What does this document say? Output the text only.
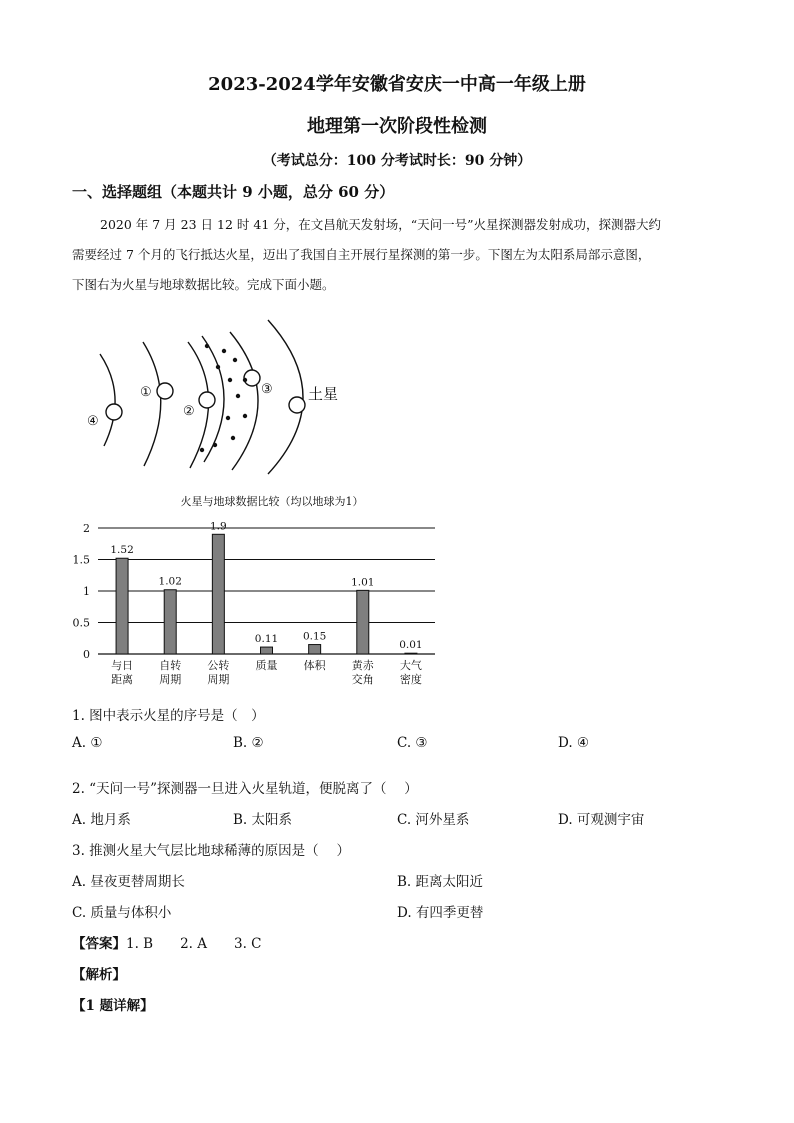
2023-2024学年安徽省安庆一中高一年级上册
地理第一次阶段性检测
（考试总分：100 分考试时长：90 分钟）
一、选择题组（本题共计 9 小题，总分 60 分）
2020 年 7 月 23 日 12 时 41 分，在文昌航天发射场，“天问一号”火星探测器发射成功，探测器大约
需要经过 7 个月的飞行抵达火星，迈出了我国自主开展行星探测的第一步。下图左为太阳系局部示意图，
下图右为火星与地球数据比较。完成下面小题。
④
①
②
③ 土星
火星与地球数据比较（均以地球为1）
0
0.5
1
1.5
2
1.52
与日
距离
1.02
自转
周期
1.9
公转
周期
0.11
质量
0.15
体积
1.01
黄赤
交角
0.01
大气
密度
1. 图中表示火星的序号是（　）
A. ①	B. ②	C. ③	D. ④
2. “天问一号”探测器一旦进入火星轨道，便脱离了（　 ）
A. 地月系	B. 太阳系	C. 河外星系	D. 可观测宇宙
3. 推测火星大气层比地球稀薄的原因是（　 ）
A. 昼夜更替周期长	B. 距离太阳近
C. 质量与体积小	D. 有四季更替
【答案】1. B　　2. A　　3. C
【解析】
【1 题详解】
